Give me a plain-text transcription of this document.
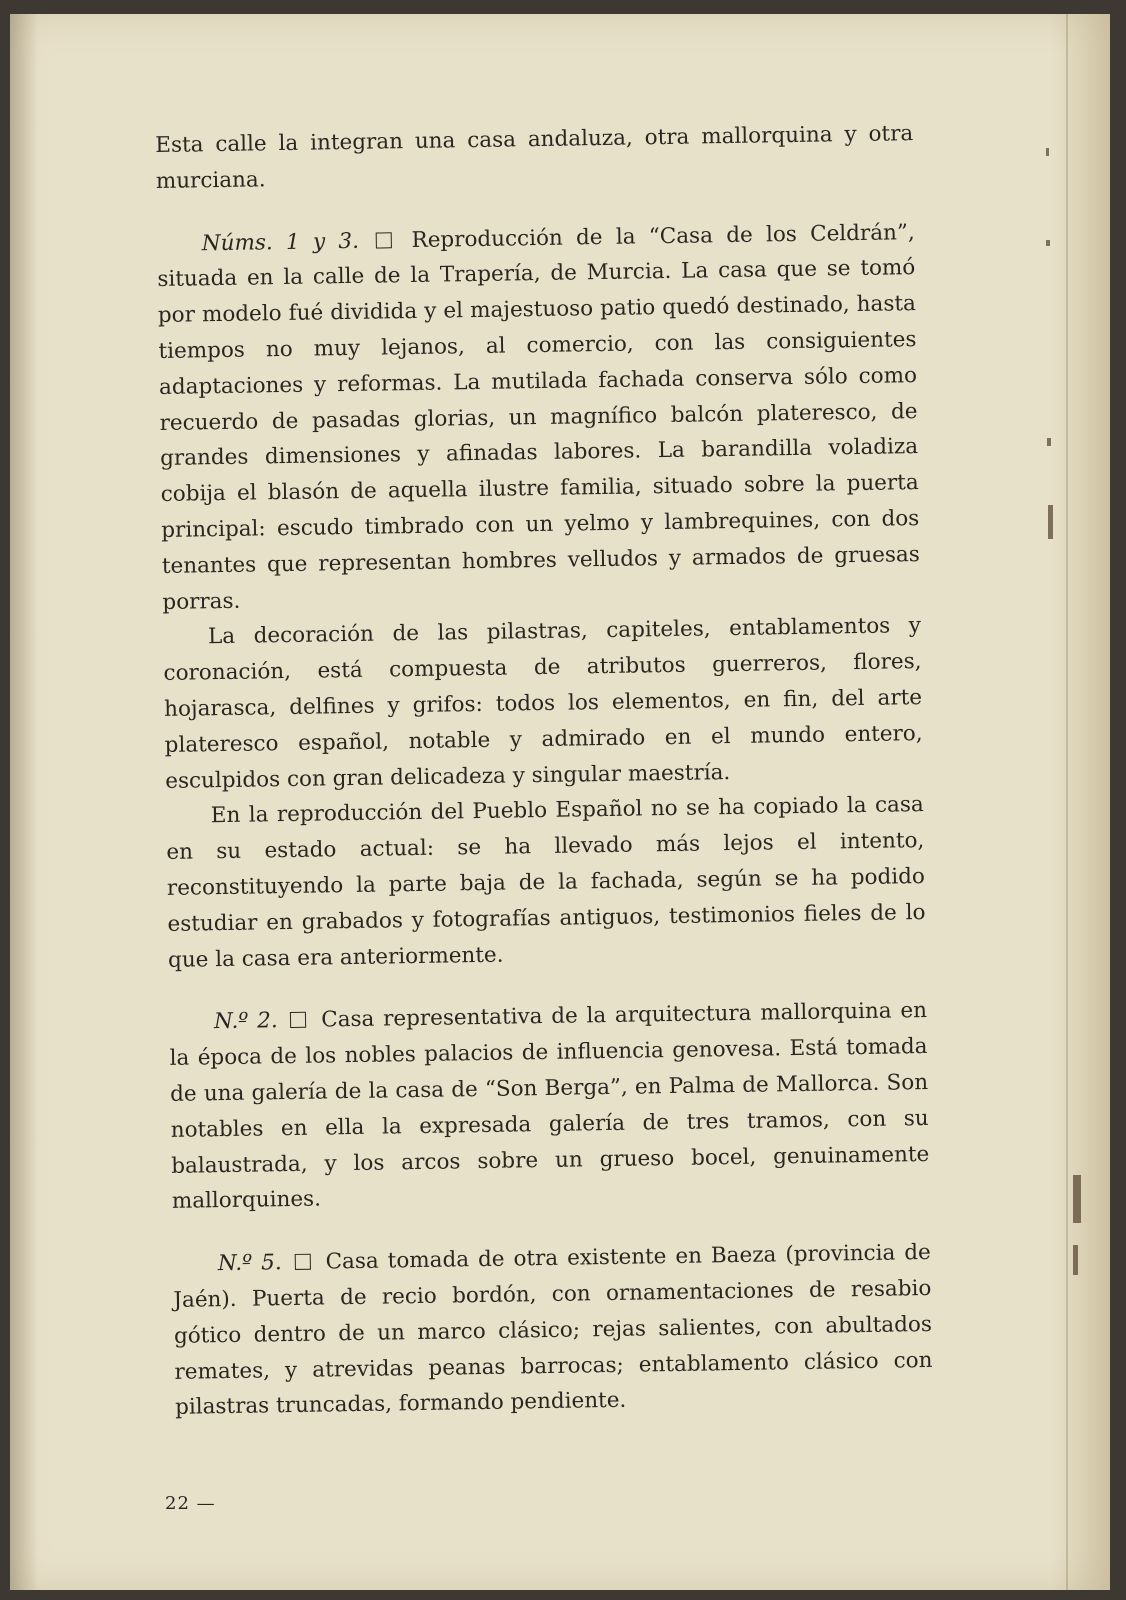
Esta calle la integran una casa andaluza, otra mallorquina y otra murciana.

Núms. 1 y 3. Reproducción de la “Casa de los Celdrán”, situada en la calle de la Trapería, de Murcia. La casa que se tomó por modelo fué dividida y el majestuoso patio quedó destinado, hasta tiempos no muy lejanos, al comercio, con las consiguientes adaptaciones y reformas. La mutilada fachada conserva sólo como recuerdo de pasadas glorias, un magnífico balcón plateresco, de grandes dimensiones y afinadas labores. La barandilla voladiza cobija el blasón de aquella ilustre familia, situado sobre la puerta principal: escudo timbrado con un yelmo y lambrequines, con dos tenantes que representan hombres velludos y armados de gruesas porras.

La decoración de las pilastras, capiteles, entablamentos y coronación, está compuesta de atributos guerreros, flores, hojarasca, delfines y grifos: todos los elementos, en fin, del arte plateresco español, notable y admirado en el mundo entero, esculpidos con gran delicadeza y singular maestría.

En la reproducción del Pueblo Español no se ha copiado la casa en su estado actual: se ha llevado más lejos el intento, reconstituyendo la parte baja de la fachada, según se ha podido estudiar en grabados y fotografías antiguos, testimonios fieles de lo que la casa era anteriormente.

N.º 2. Casa representativa de la arquitectura mallorquina en la época de los nobles palacios de influencia genovesa. Está tomada de una galería de la casa de “Son Berga”, en Palma de Mallorca. Son notables en ella la expresada galería de tres tramos, con su balaustrada, y los arcos sobre un grueso bocel, genuinamente mallorquines.

N.º 5. Casa tomada de otra existente en Baeza (provincia de Jaén). Puerta de recio bordón, con ornamentaciones de resabio gótico dentro de un marco clásico; rejas salientes, con abultados remates, y atrevidas peanas barrocas; entablamento clásico con pilastras truncadas, formando pendiente.

22 —
